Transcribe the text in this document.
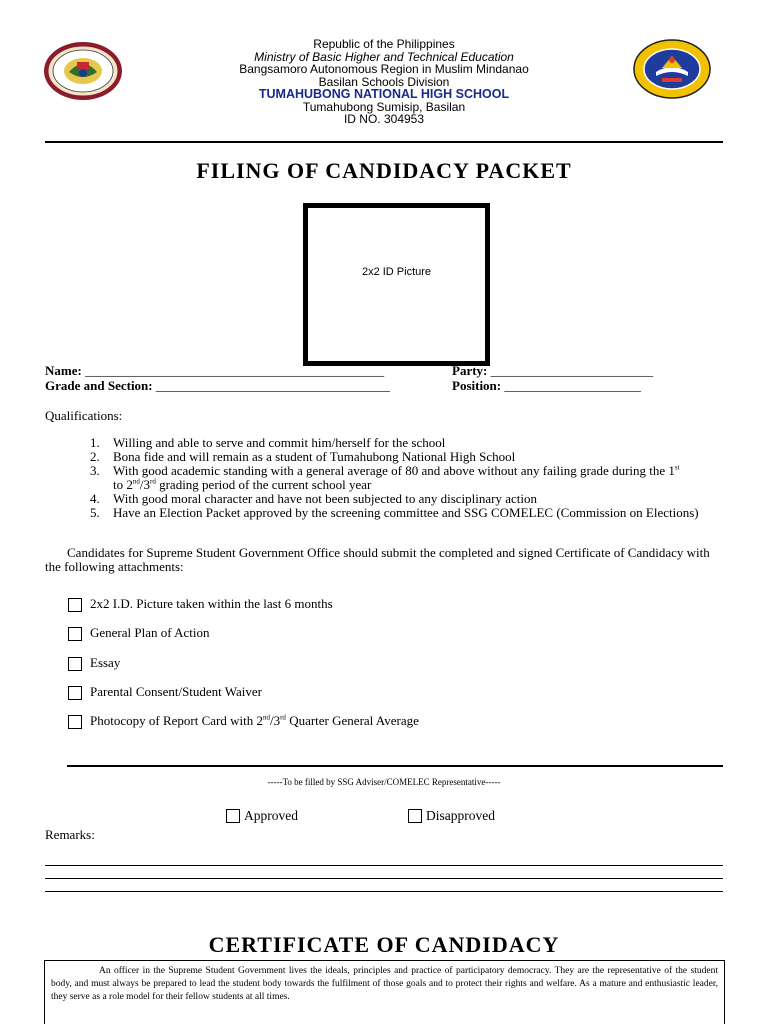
Republic of the Philippines
Ministry of Basic Higher and Technical Education
Bangsamoro Autonomous Region in Muslim Mindanao
Basilan Schools Division
TUMAHUBONG NATIONAL HIGH SCHOOL
Tumahubong Sumisip, Basilan
ID NO. 304953
FILING OF CANDIDACY PACKET
2x2 ID Picture
Name: ______________________________________________	Party: _________________________
Grade and Section: ____________________________________	Position: _____________________
Qualifications:
1.	Willing and able to serve and commit him/herself for the school
2.	Bona fide and will remain as a student of Tumahubong National High School
3.	With good academic standing with a general average of 80 and above without any failing grade during the 1st
to 2nd/3rd grading period of the current school year
4.	With good moral character and have not been subjected to any disciplinary action
5.	Have an Election Packet approved by the screening committee and SSG COMELEC (Commission on Elections)
Candidates for Supreme Student Government Office should submit the completed and signed Certificate of Candidacy with the following attachments:
2x2 I.D. Picture taken within the last 6 months
General Plan of Action
Essay
Parental Consent/Student Waiver
Photocopy of Report Card with 2nd/3rd Quarter General Average
-----To be filled by SSG Adviser/COMELEC Representative-----
Approved	Disapproved
Remarks:
CERTIFICATE OF CANDIDACY
An officer in the Supreme Student Government lives the ideals, principles and practice of participatory democracy. They are the representative of the student body, and must always be prepared to lead the student body towards the fulfilment of those goals and to protect their rights and welfare. As a mature and enthusiastic leader, they serve as a role model for their fellow students at all times.
